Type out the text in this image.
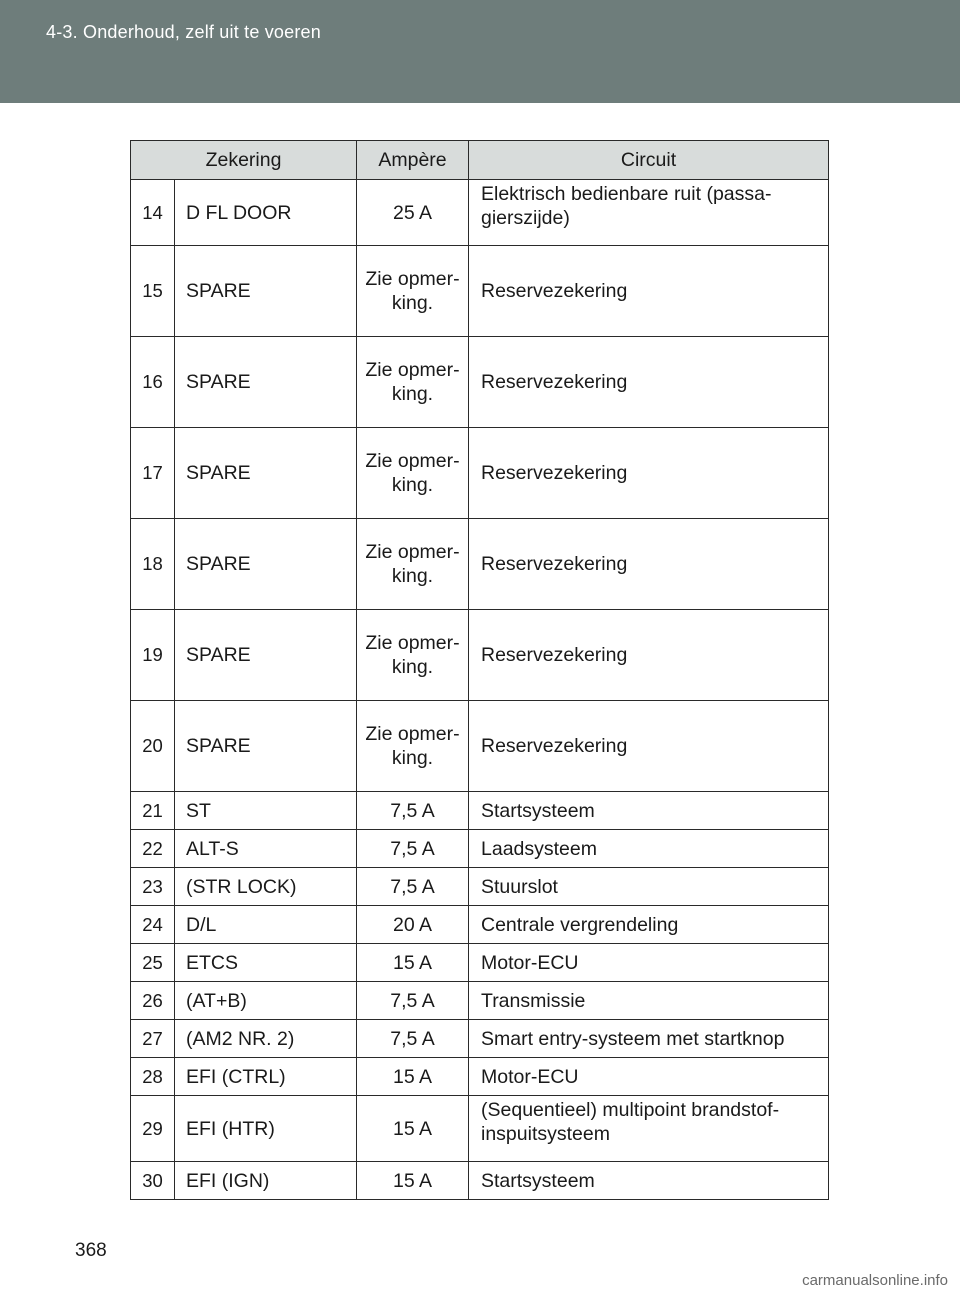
4-3. Onderhoud, zelf uit te voeren
Zekering		Ampère	Circuit
14	D FL DOOR	25 A	Elektrisch bedienbare ruit (passa-gierszijde)
15	SPARE	Zie opmer-king.	Reservezekering
16	SPARE	Zie opmer-king.	Reservezekering
17	SPARE	Zie opmer-king.	Reservezekering
18	SPARE	Zie opmer-king.	Reservezekering
19	SPARE	Zie opmer-king.	Reservezekering
20	SPARE	Zie opmer-king.	Reservezekering
21	ST	7,5 A	Startsysteem
22	ALT-S	7,5 A	Laadsysteem
23	(STR LOCK)	7,5 A	Stuurslot
24	D/L	20 A	Centrale vergrendeling
25	ETCS	15 A	Motor-ECU
26	(AT+B)	7,5 A	Transmissie
27	(AM2 NR. 2)	7,5 A	Smart entry-systeem met startknop
28	EFI (CTRL)	15 A	Motor-ECU
29	EFI (HTR)	15 A	(Sequentieel) multipoint brandstof-inspuitsysteem
30	EFI (IGN)	15 A	Startsysteem
368
carmanualsonline.info
